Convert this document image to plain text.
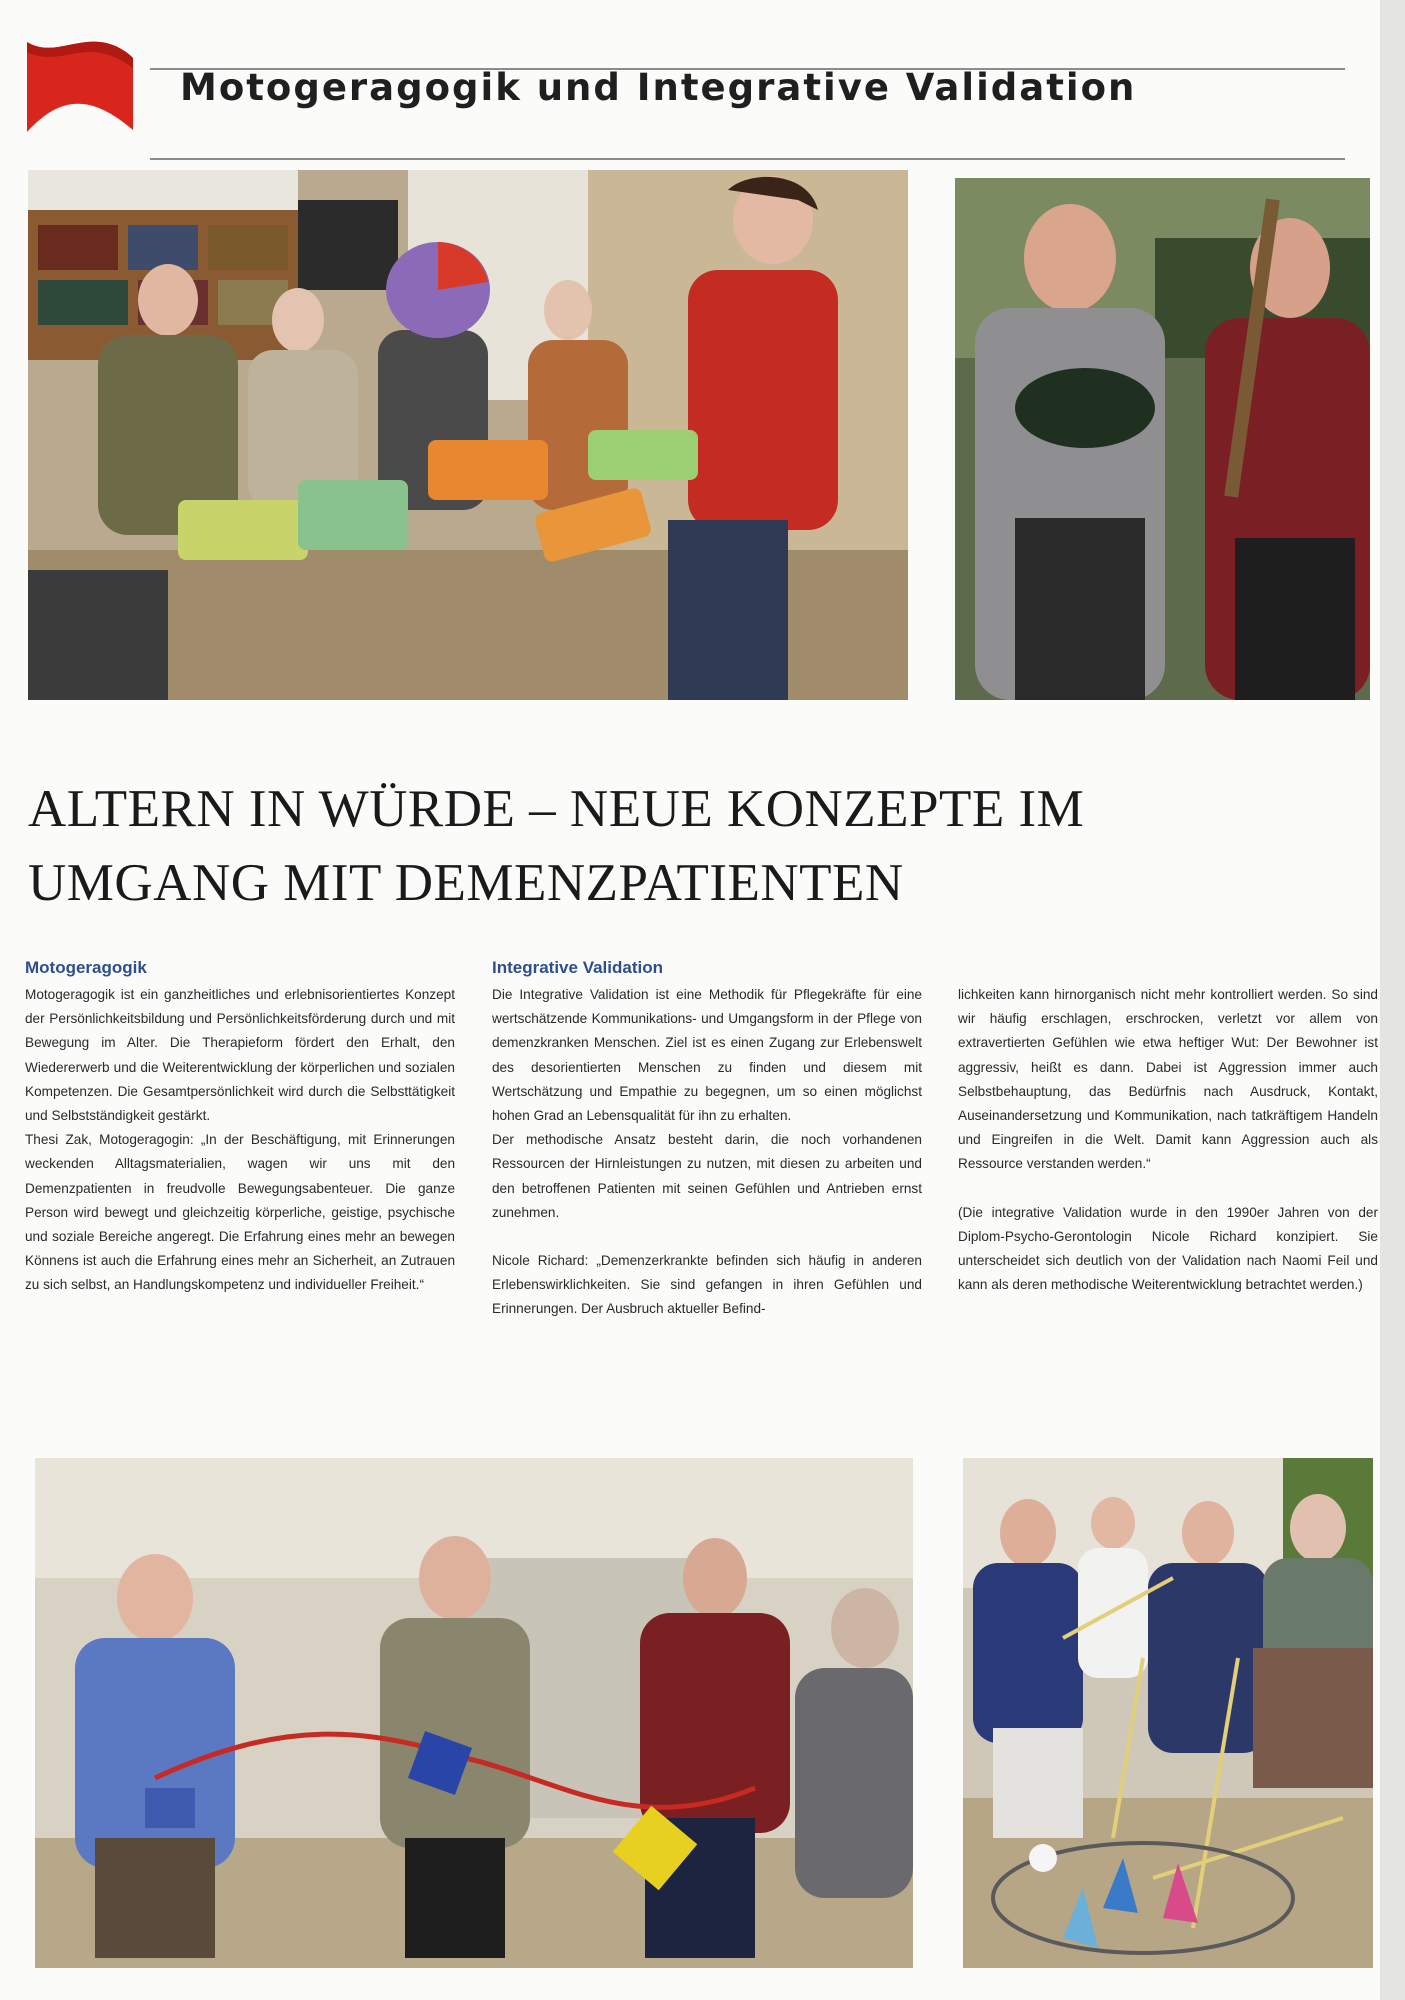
Motogeragogik und Integrative Validation
ALTERN IN WÜRDE – NEUE KONZEPTE IM
UMGANG MIT DEMENZPATIENTEN
Motogeragogik

Motogeragogik ist ein ganzheitliches und erlebnisorientiertes Konzept der Persönlichkeitsbildung und Persönlichkeitsförderung durch und mit Bewegung im Alter. Die Therapieform fördert den Erhalt, den Wiedererwerb und die Weiterentwicklung der körperlichen und sozialen Kompetenzen. Die Gesamtpersönlichkeit wird durch die Selbsttätigkeit und Selbstständigkeit gestärkt.

Thesi Zak, Motogeragogin: „In der Beschäftigung, mit Erinnerungen weckenden Alltagsmaterialien, wagen wir uns mit den Demenzpatienten in freudvolle Bewegungsabenteuer. Die ganze Person wird bewegt und gleichzeitig körperliche, geistige, psychische und soziale Bereiche angeregt. Die Erfahrung eines mehr an bewegen Könnens ist auch die Erfahrung eines mehr an Sicherheit, an Zutrauen zu sich selbst, an Handlungskompetenz und individueller Freiheit.“

Integrative Validation

Die Integrative Validation ist eine Methodik für Pflegekräfte für eine wertschätzende Kommunikations- und Umgangsform in der Pflege von demenzkranken Menschen. Ziel ist es einen Zugang zur Erlebenswelt des desorientierten Menschen zu finden und diesem mit Wertschätzung und Empathie zu begegnen, um so einen möglichst hohen Grad an Lebensqualität für ihn zu erhalten.

Der methodische Ansatz besteht darin, die noch vorhandenen Ressourcen der Hirnleistungen zu nutzen, mit diesen zu arbeiten und den betroffenen Patienten mit seinen Gefühlen und Antrieben ernst zunehmen.

Nicole Richard: „Demenzerkrankte befinden sich häufig in anderen Erlebenswirklichkeiten. Sie sind gefangen in ihren Gefühlen und Erinnerungen. Der Ausbruch aktueller Befind-

lichkeiten kann hirnorganisch nicht mehr kontrolliert werden. So sind wir häufig erschlagen, erschrocken, verletzt vor allem von extravertierten Gefühlen wie etwa heftiger Wut: Der Bewohner ist aggressiv, heißt es dann. Dabei ist Aggression immer auch Selbstbehauptung, das Bedürfnis nach Ausdruck, Kontakt, Auseinandersetzung und Kommunikation, nach tatkräftigem Handeln und Eingreifen in die Welt. Damit kann Aggression auch als Ressource verstanden werden.“

(Die integrative Validation wurde in den 1990er Jahren von der Diplom-Psycho-Gerontologin Nicole Richard konzipiert. Sie unterscheidet sich deutlich von der Validation nach Naomi Feil und kann als deren methodische Weiterentwicklung betrachtet werden.)
